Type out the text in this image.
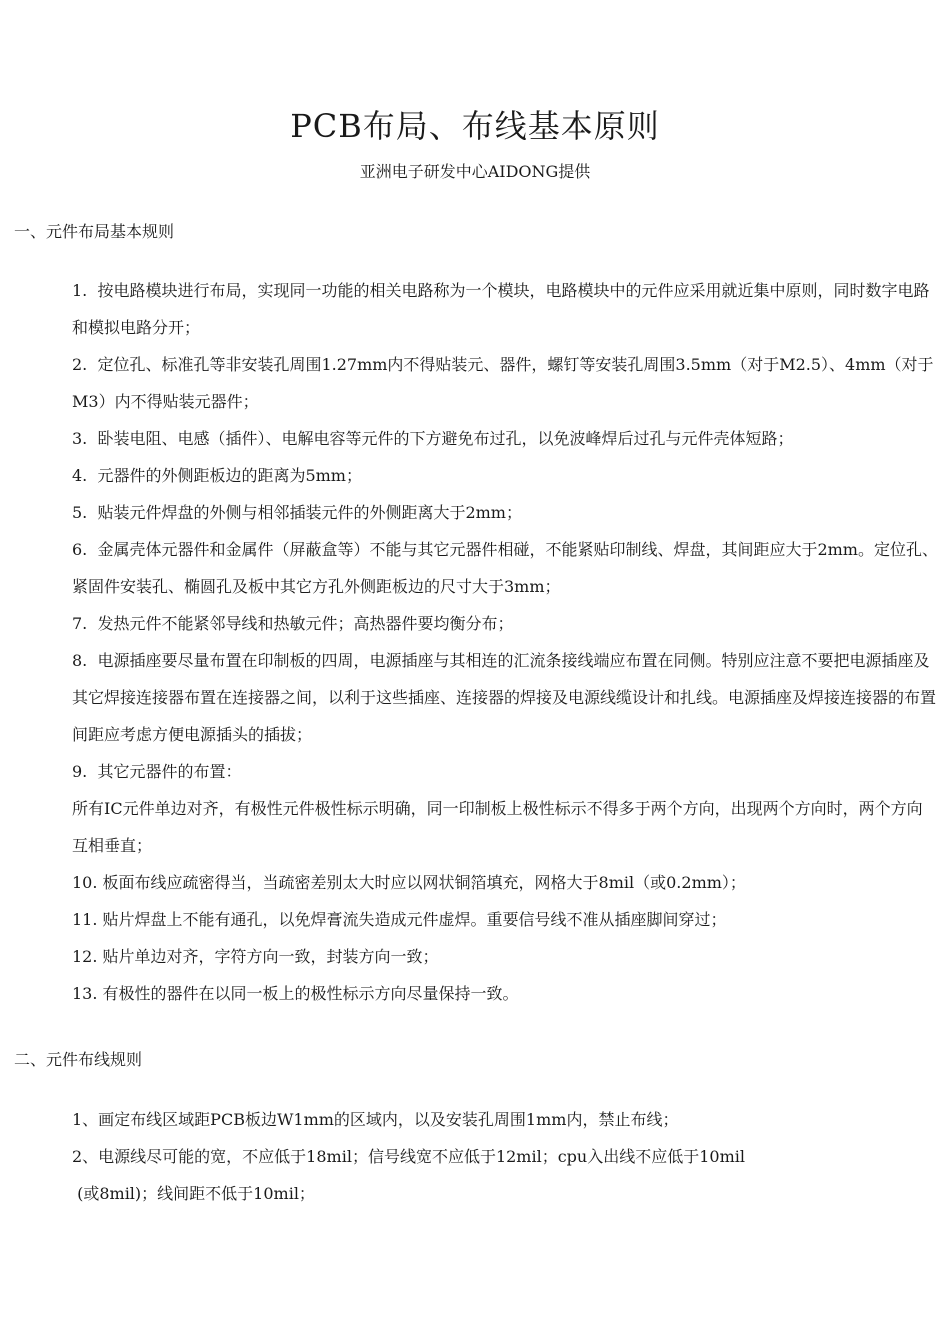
PCB布局、布线基本原则
亚洲电子研发中心AIDONG提供
一、元件布局基本规则

1.  按电路模块进行布局，实现同一功能的相关电路称为一个模块，电路模块中的元件应采用就近集中原则，同时数字电路和模拟电路分开；

2.  定位孔、标准孔等非安装孔周围1.27mm内不得贴装元、器件，螺钉等安装孔周围3.5mm（对于M2.5）、4mm（对于M3）内不得贴装元器件；

3.  卧装电阻、电感（插件）、电解电容等元件的下方避免布过孔，以免波峰焊后过孔与元件壳体短路；

4.  元器件的外侧距板边的距离为5mm；

5.  贴装元件焊盘的外侧与相邻插装元件的外侧距离大于2mm；

6.  金属壳体元器件和金属件（屏蔽盒等）不能与其它元器件相碰，不能紧贴印制线、焊盘，其间距应大于2mm。定位孔、紧固件安装孔、椭圆孔及板中其它方孔外侧距板边的尺寸大于3mm；

7.  发热元件不能紧邻导线和热敏元件；高热器件要均衡分布；

8.  电源插座要尽量布置在印制板的四周，电源插座与其相连的汇流条接线端应布置在同侧。特别应注意不要把电源插座及其它焊接连接器布置在连接器之间，以利于这些插座、连接器的焊接及电源线缆设计和扎线。电源插座及焊接连接器的布置间距应考虑方便电源插头的插拔；

9.  其它元器件的布置：

所有IC元件单边对齐，有极性元件极性标示明确，同一印制板上极性标示不得多于两个方向，出现两个方向时，两个方向互相垂直；

10. 板面布线应疏密得当，当疏密差别太大时应以网状铜箔填充，网格大于8mil（或0.2mm）；

11. 贴片焊盘上不能有通孔，以免焊膏流失造成元件虚焊。重要信号线不准从插座脚间穿过；

12. 贴片单边对齐，字符方向一致，封装方向一致；

13. 有极性的器件在以同一板上的极性标示方向尽量保持一致。

二、元件布线规则

1、画定布线区域距PCB板边W1mm的区域内，以及安装孔周围1mm内，禁止布线；

2、电源线尽可能的宽，不应低于18mil；信号线宽不应低于12mil；cpu入出线不应低于10mil

(或8mil)；线间距不低于10mil；
